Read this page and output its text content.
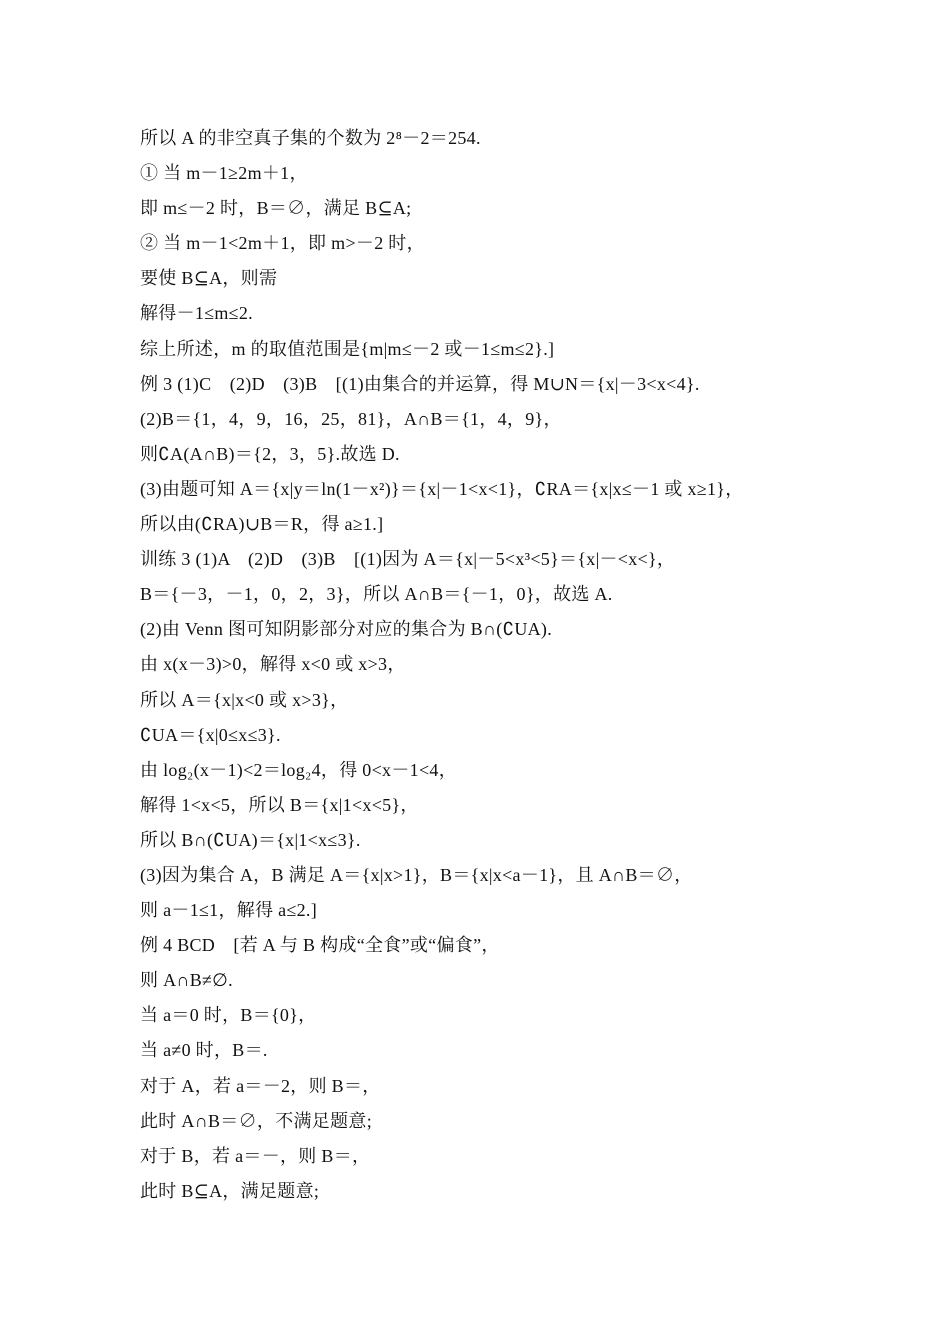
所以 A 的非空真子集的个数为 2⁸－2＝254.
① 当 m－1≥2m＋1，
即 m≤－2 时，B＝∅，满足 B⊆A;
② 当 m－1<2m＋1，即 m>－2 时，
要使 B⊆A，则需
解得－1≤m≤2.
综上所述，m 的取值范围是{m|m≤－2 或－1≤m≤2}.]
例 3 (1)C　(2)D　(3)B　[(1)由集合的并运算，得 M∪N＝{x|－3<x<4}.
(2)B＝{1，4，9，16，25，81}，A∩B＝{1，4，9}，
则∁A(A∩B)＝{2，3，5}.故选 D.
(3)由题可知 A＝{x|y＝ln(1－x²)}＝{x|－1<x<1}，∁RA＝{x|x≤－1 或 x≥1}，
所以由(∁RA)∪B＝R，得 a≥1.]
训练 3 (1)A　(2)D　(3)B　[(1)因为 A＝{x|－5<x³<5}＝{x|－<x<}，
B＝{－3，－1，0，2，3}，所以 A∩B＝{－1，0}，故选 A.
(2)由 Venn 图可知阴影部分对应的集合为 B∩(∁UA).
由 x(x－3)>0，解得 x<0 或 x>3，
所以 A＝{x|x<0 或 x>3}，
∁UA＝{x|0≤x≤3}.
由 log₂(x－1)<2＝log₂4，得 0<x－1<4，
解得 1<x<5，所以 B＝{x|1<x<5}，
所以 B∩(∁UA)＝{x|1<x≤3}.
(3)因为集合 A，B 满足 A＝{x|x>1}，B＝{x|x<a－1}，且 A∩B＝∅，
则 a－1≤1，解得 a≤2.]
例 4 BCD　[若 A 与 B 构成“全食”或“偏食”，
则 A∩B≠∅.
当 a＝0 时，B＝{0}，
当 a≠0 时，B＝.
对于 A，若 a＝－2，则 B＝，
此时 A∩B＝∅，不满足题意;
对于 B，若 a＝－，则 B＝，
此时 B⊆A，满足题意;
